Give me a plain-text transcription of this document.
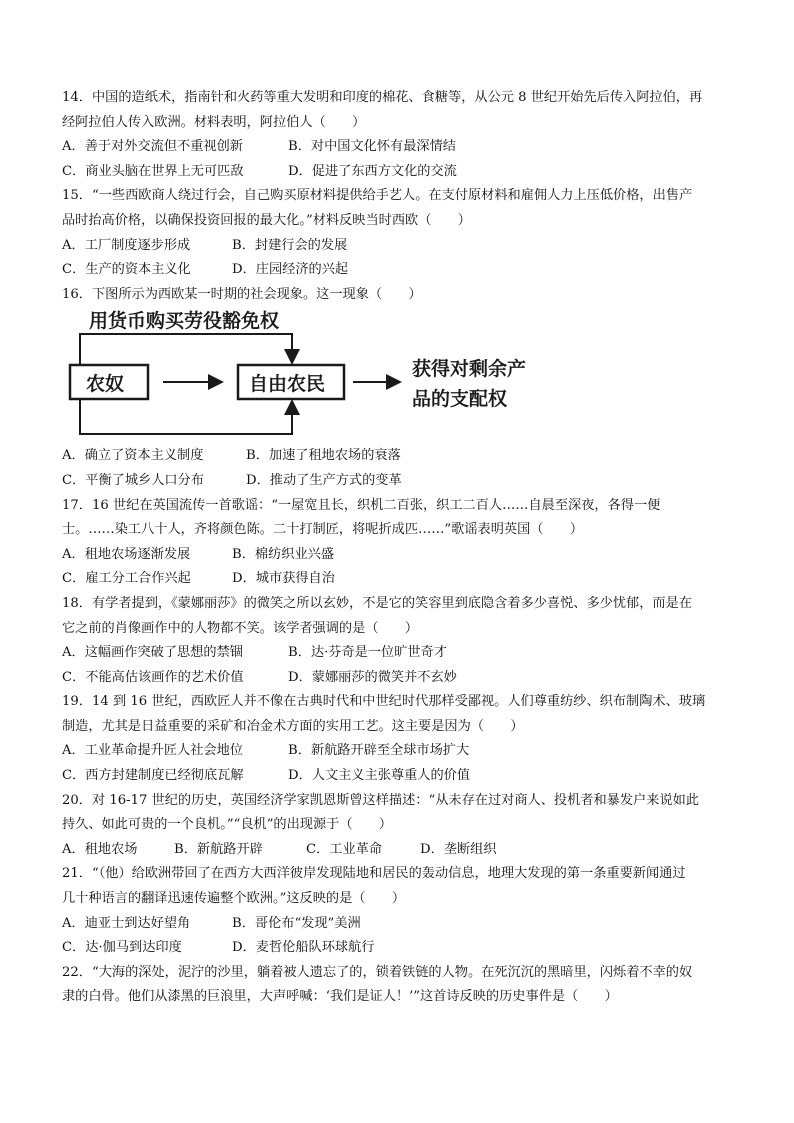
14．中国的造纸术，指南针和火药等重大发明和印度的棉花、食糖等，从公元 8 世纪开始先后传入阿拉伯，再
经阿拉伯人传入欧洲。材料表明，阿拉伯人（　　）
A．善于对外交流但不重视创新	B．对中国文化怀有最深情结
C．商业头脑在世界上无可匹敌	D．促进了东西方文化的交流
15．“一些西欧商人绕过行会，自己购买原材料提供给手艺人。在支付原材料和雇佣人力上压低价格，出售产
品时抬高价格，以确保投资回报的最大化。”材料反映当时西欧（　　）
A．工厂制度逐步形成	B．封建行会的发展
C．生产的资本主义化	D．庄园经济的兴起
16．下图所示为西欧某一时期的社会现象。这一现象（　　）
用货币购买劳役豁免权
农奴	自由农民
获得对剩余产
品的支配权
A．确立了资本主义制度	B．加速了租地农场的衰落
C．平衡了城乡人口分布	D．推动了生产方式的变革
17．16 世纪在英国流传一首歌谣：“一屋宽且长，织机二百张，织工二百人……自晨至深夜，各得一便
士。……染工八十人，齐将颜色陈。二十打制匠，将呢折成匹……”歌谣表明英国（　　）
A．租地农场逐渐发展	B．棉纺织业兴盛
C．雇工分工合作兴起	D．城市获得自治
18．有学者提到，《蒙娜丽莎》的微笑之所以玄妙，不是它的笑容里到底隐含着多少喜悦、多少忧郁，而是在
它之前的肖像画作中的人物都不笑。该学者强调的是（　　）
A．这幅画作突破了思想的禁锢	B．达·芬奇是一位旷世奇才
C．不能高估该画作的艺术价值	D．蒙娜丽莎的微笑并不玄妙
19．14 到 16 世纪，西欧匠人并不像在古典时代和中世纪时代那样受鄙视。人们尊重纺纱、织布制陶术、玻璃
制造，尤其是日益重要的采矿和冶金术方面的实用工艺。这主要是因为（　　）
A．工业革命提升匠人社会地位	B．新航路开辟至全球市场扩大
C．西方封建制度已经彻底瓦解	D．人文主义主张尊重人的价值
20．对 16-17 世纪的历史，英国经济学家凯恩斯曾这样描述：“从未存在过对商人、投机者和暴发户来说如此
持久、如此可贵的一个良机。”“良机”的出现源于（　　）
A．租地农场	B．新航路开辟	C．工业革命	D．垄断组织
21．“（他）给欧洲带回了在西方大西洋彼岸发现陆地和居民的轰动信息，地理大发现的第一条重要新闻通过
几十种语言的翻译迅速传遍整个欧洲。”这反映的是（　　）
A．迪亚士到达好望角	B．哥伦布“发现”美洲
C．达·伽马到达印度	D．麦哲伦船队环球航行
22．“大海的深处，泥泞的沙里，躺着被人遗忘了的，锁着铁链的人物。在死沉沉的黑暗里，闪烁着不幸的奴
隶的白骨。他们从漆黑的巨浪里，大声呼喊：‘我们是证人！’”这首诗反映的历史事件是（　　）
